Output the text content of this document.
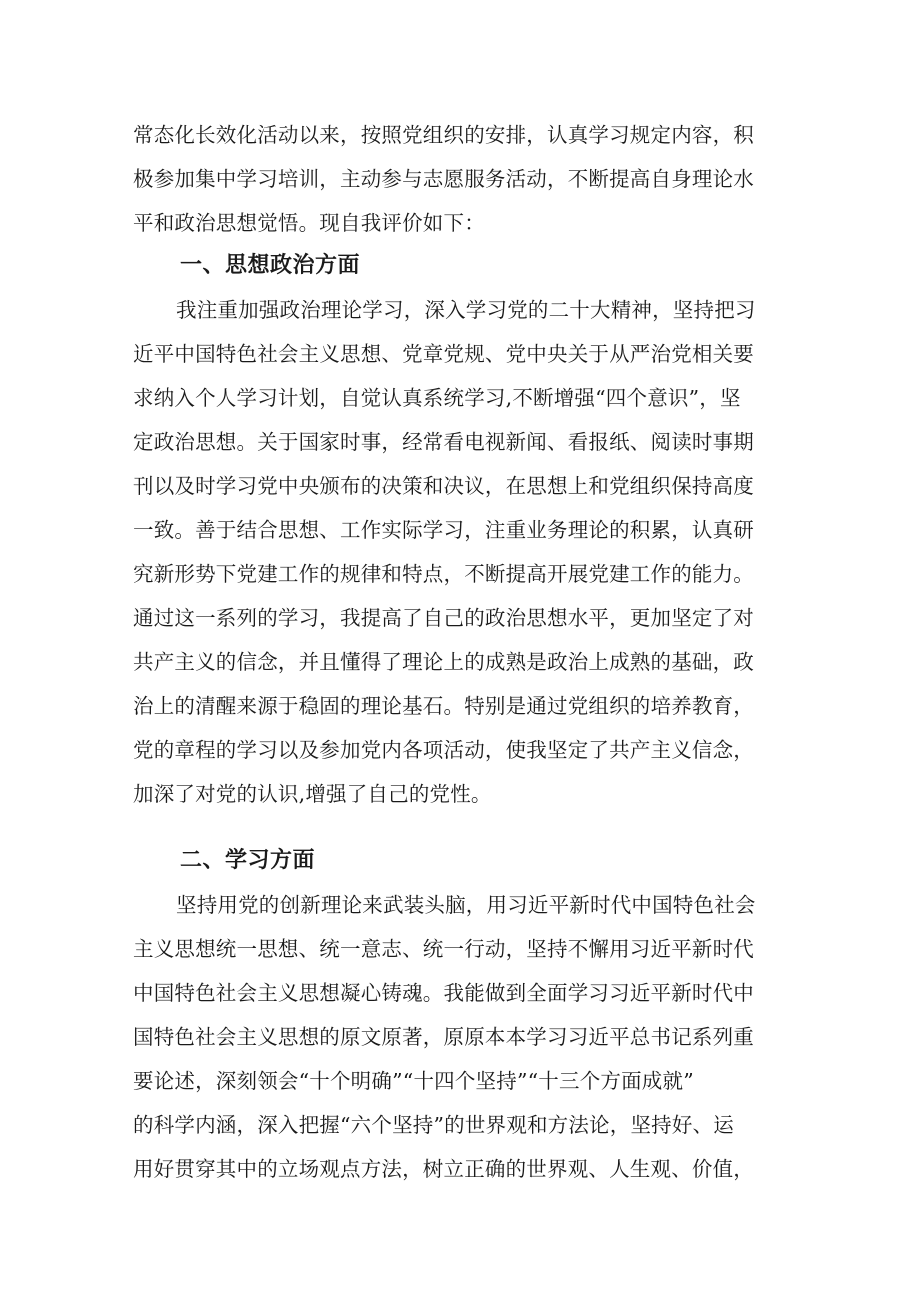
常态化长效化活动以来，按照党组织的安排，认真学习规定内容，积
极参加集中学习培训，主动参与志愿服务活动，不断提高自身理论水
平和政治思想觉悟。现自我评价如下：
一、思想政治方面
我注重加强政治理论学习，深入学习党的二十大精神，坚持把习
近平中国特色社会主义思想、党章党规、党中央关于从严治党相关要
求纳入个人学习计划，自觉认真系统学习,不断增强“四个意识”，坚
定政治思想。关于国家时事，经常看电视新闻、看报纸、阅读时事期
刊以及时学习党中央颁布的决策和决议，在思想上和党组织保持高度
一致。善于结合思想、工作实际学习，注重业务理论的积累，认真研
究新形势下党建工作的规律和特点，不断提高开展党建工作的能力。
通过这一系列的学习，我提高了自己的政治思想水平，更加坚定了对
共产主义的信念，并且懂得了理论上的成熟是政治上成熟的基础，政
治上的清醒来源于稳固的理论基石。特别是通过党组织的培养教育，
党的章程的学习以及参加党内各项活动，使我坚定了共产主义信念，
加深了对党的认识,增强了自己的党性。
二、学习方面
坚持用党的创新理论来武装头脑，用习近平新时代中国特色社会
主义思想统一思想、统一意志、统一行动，坚持不懈用习近平新时代
中国特色社会主义思想凝心铸魂。我能做到全面学习习近平新时代中
国特色社会主义思想的原文原著，原原本本学习习近平总书记系列重
要论述，深刻领会“十个明确”“十四个坚持”“十三个方面成就”
的科学内涵，深入把握“六个坚持”的世界观和方法论，坚持好、运
用好贯穿其中的立场观点方法，树立正确的世界观、人生观、价值，
